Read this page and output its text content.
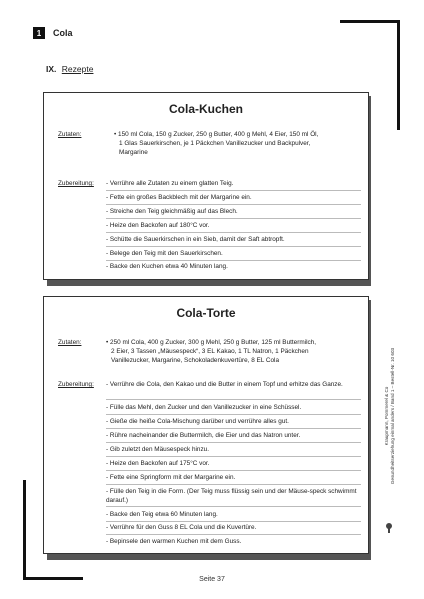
1	Cola
IX. Rezepte
Cola-Kuchen
Zutaten:	• 150 ml Cola, 150 g Zucker, 250 g Butter, 400 g Mehl, 4 Eier, 150 ml Öl,
1 Glas Sauerkirschen, je 1 Päckchen Vanillezucker und Backpulver,
Margarine
Zubereitung: - Verrühre alle Zutaten zu einem glatten Teig.
- Fette ein großes Backblech mit der Margarine ein.
- Streiche den Teig gleichmäßig auf das Blech.
- Heize den Backofen auf 180°C vor.
- Schütte die Sauerkirschen in ein Sieb, damit der Saft abtropft.
- Belege den Teig mit den Sauerkirschen.
- Backe den Kuchen etwa 40 Minuten lang.
Cola-Torte
Zutaten:	• 250 ml Cola, 400 g Zucker, 300 g Mehl, 250 g Butter, 125 ml Buttermilch,
2 Eier, 3 Tassen „Mäusespeck“, 3 EL Kakao, 1 TL Natron, 1 Päckchen
Vanillezucker, Margarine, Schokoladenkuvertüre, 8 EL Cola
Zubereitung: - Verrühre die Cola, den Kakao und die Butter in einem Topf und erhitze das Ganze.
- Fülle das Mehl, den Zucker und den Vanillezucker in eine Schüssel.
- Gieße die heiße Cola-Mischung darüber und verrühre alles gut.
- Rühre nacheinander die Buttermilch, die Eier und das Natron unter.
- Gib zuletzt den Mäusespeck hinzu.
- Heize den Backofen auf 175°C vor.
- Fette eine Springform mit der Margarine ein.
- Fülle den Teig in die Form. (Der Teig muss flüssig sein und der Mäuse-speck schwimmt darauf.)
- Backe den Teig etwa 60 Minuten lang.
- Verrühre für den Guss 8 EL Cola und die Kuvertüre.
- Bepinsele den warmen Kuchen mit dem Guss.
Kraupmann, Pommerel & Co Gesundheitserziehung einmal anders / Band 1 – Bestell-Nr. 10 603
Seite 37
